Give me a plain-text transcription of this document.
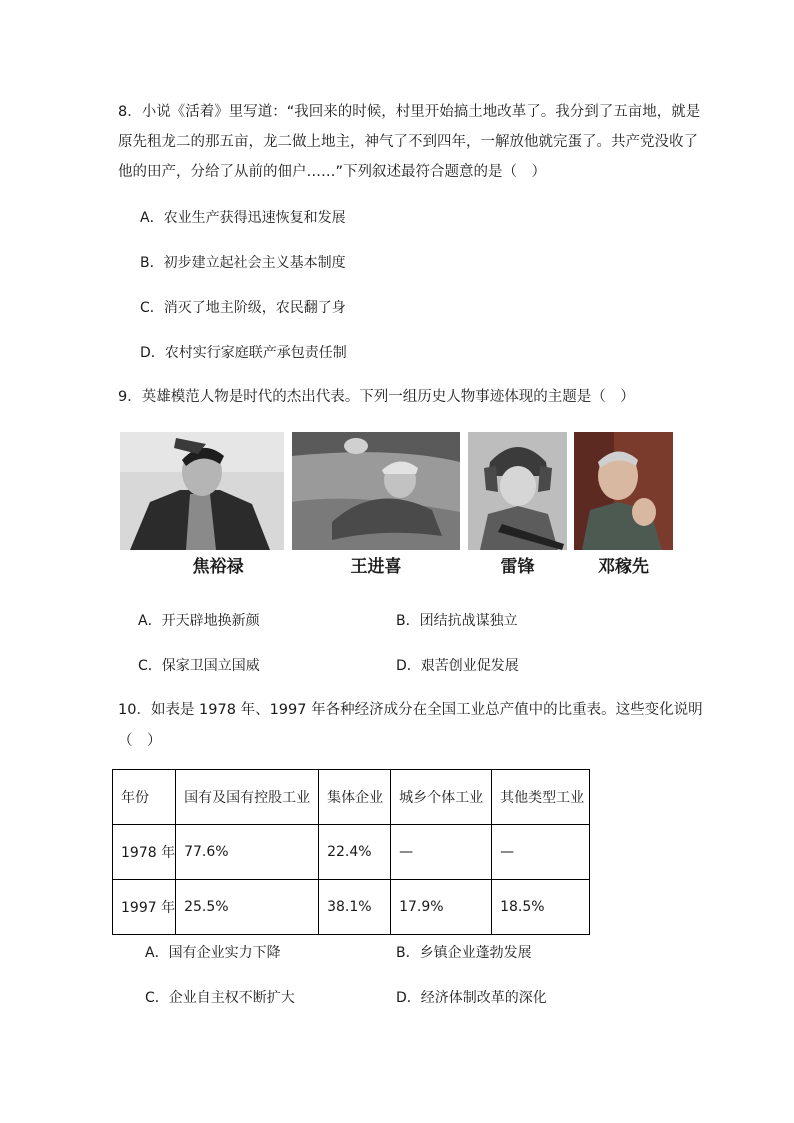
8．小说《活着》里写道：“我回来的时候，村里开始搞土地改革了。我分到了五亩地，就是
原先租龙二的那五亩，龙二做上地主，神气了不到四年，一解放他就完蛋了。共产党没收了
他的田产，分给了从前的佃户……”下列叙述最符合题意的是（　）
A．农业生产获得迅速恢复和发展
B．初步建立起社会主义基本制度
C．消灭了地主阶级，农民翻了身
D．农村实行家庭联产承包责任制
9．英雄模范人物是时代的杰出代表。下列一组历史人物事迹体现的主题是（　）
焦裕禄	王进喜	雷锋	邓稼先
A．开天辟地换新颜	B．团结抗战谋独立
C．保家卫国立国威	D．艰苦创业促发展
10．如表是 1978 年、1997 年各种经济成分在全国工业总产值中的比重表。这些变化说明
（　）
年份	国有及国有控股工业	集体企业	城乡个体工业	其他类型工业
1978 年	77.6%	22.4%	—	—
1997 年	25.5%	38.1%	17.9%	18.5%
A．国有企业实力下降	B．乡镇企业蓬勃发展
C．企业自主权不断扩大	D．经济体制改革的深化
